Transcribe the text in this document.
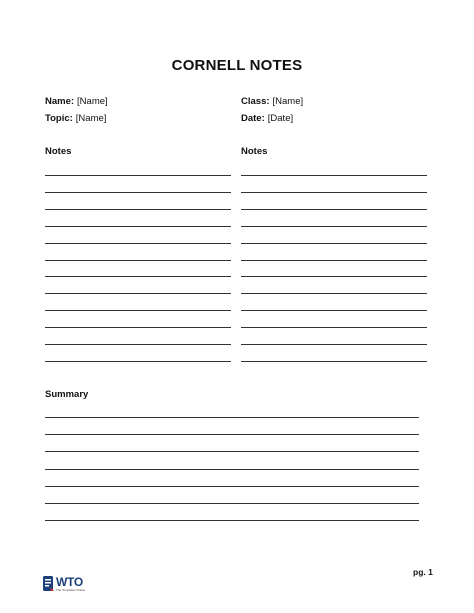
CORNELL NOTES
Name: [Name]	Class: [Name]
Topic: [Name]	Date: [Date]
Notes	Notes
Summary
pg. 1
WTO
The Templates Online
